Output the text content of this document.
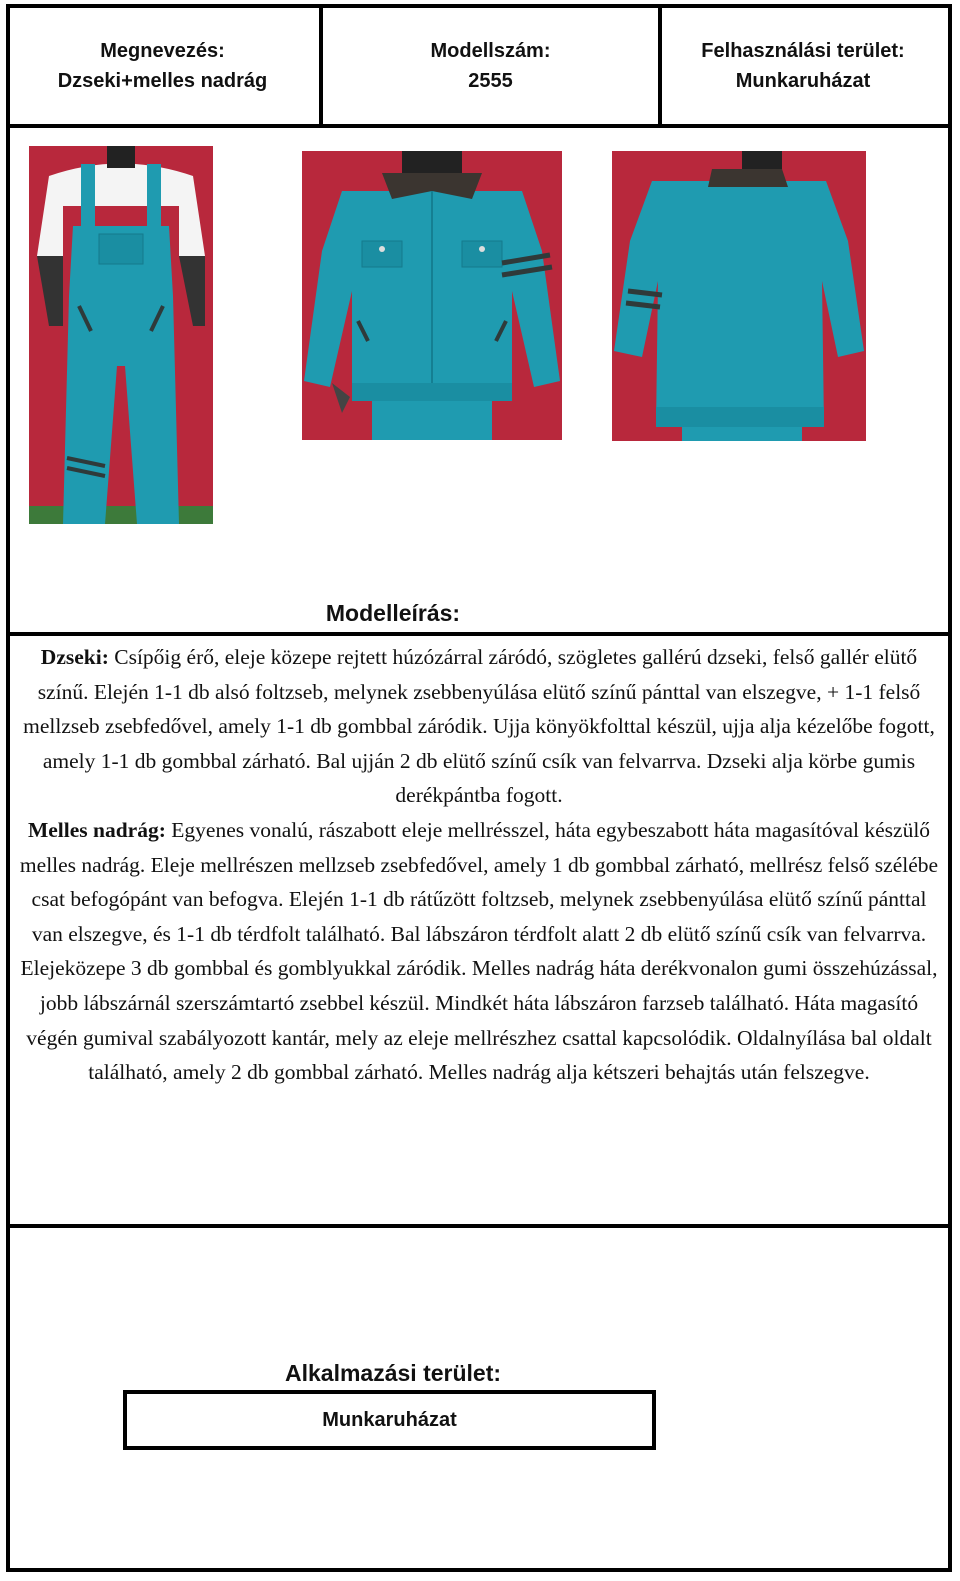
Megnevezés:
Dzseki+melles nadrág
Modellszám:
2555
Felhasználási terület:
Munkaruházat
Modelleírás:

Dzseki: Csípőig érő, eleje közepe rejtett húzózárral záródó, szögletes gallérú dzseki, felső gallér elütő színű. Elején 1-1 db alsó foltzseb, melynek zsebbenyúlása elütő színű pánttal van elszegve, + 1-1 felső mellzseb zsebfedővel, amely 1-1 db gombbal záródik. Ujja könyökfolttal készül, ujja alja kézelőbe fogott, amely 1-1 db gombbal zárható. Bal ujján 2 db elütő színű csík van felvarrva. Dzseki alja körbe gumis derékpántba fogott.

Melles nadrág: Egyenes vonalú, rászabott eleje mellrésszel, háta egybeszabott háta magasítóval készülő melles nadrág. Eleje mellrészen mellzseb zsebfedővel, amely 1 db gombbal zárható, mellrész felső szélébe csat befogópánt van befogva. Elején 1-1 db rátűzött foltzseb, melynek zsebbenyúlása elütő színű pánttal van elszegve, és 1-1 db térdfolt található. Bal lábszáron térdfolt alatt 2 db elütő színű csík van felvarrva. Elejeközepe 3 db gombbal és gomblyukkal záródik. Melles nadrág háta derékvonalon gumi összehúzással, jobb lábszárnál szerszámtartó zsebbel készül. Mindkét háta lábszáron farzseb található. Háta magasító végén gumival szabályozott kantár, mely az eleje mellrészhez csattal kapcsolódik. Oldalnyílása bal oldalt található, amely 2 db gombbal zárható. Melles nadrág alja kétszeri behajtás után felszegve.

Alkalmazási terület:
Munkaruházat
